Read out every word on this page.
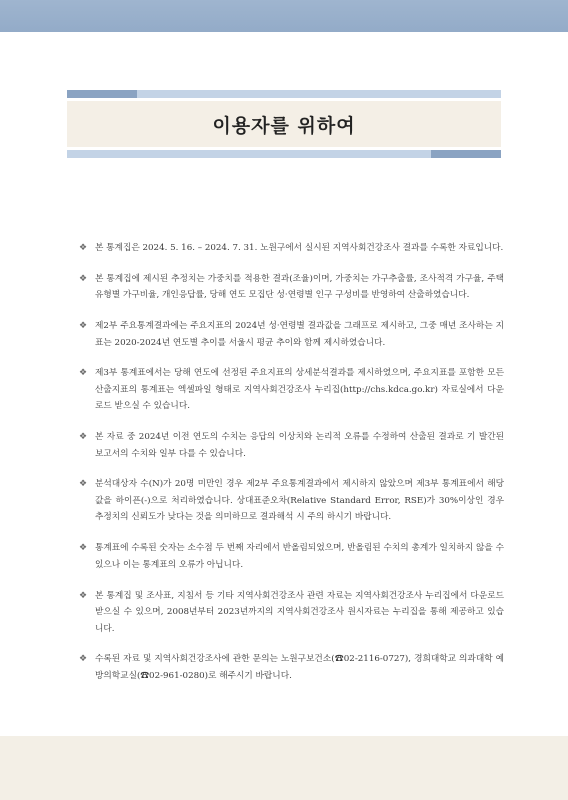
이용자를 위하여
❖ 본 통계집은 2024. 5. 16. – 2024. 7. 31. 노원구에서 실시된 지역사회건강조사 결과를 수록한 자료입니다.
❖ 본 통계집에 제시된 추정치는 가중치를 적용한 결과(조율)이며, 가중치는 가구추출률, 조사적격 가구율, 주택유형별 가구비율, 개인응답률, 당해 연도 모집단 성·연령별 인구 구성비를 반영하여 산출하였습니다.
❖ 제2부 주요통계결과에는 주요지표의 2024년 성·연령별 결과값을 그래프로 제시하고, 그중 매년 조사하는 지표는 2020-2024년 연도별 추이를 서울시 평균 추이와 함께 제시하였습니다.
❖ 제3부 통계표에서는 당해 연도에 선정된 주요지표의 상세분석결과를 제시하였으며, 주요지표를 포함한 모든 산출지표의 통계표는 엑셀파일 형태로 지역사회건강조사 누리집(http://chs.kdca.go.kr) 자료실에서 다운로드 받으실 수 있습니다.
❖ 본 자료 중 2024년 이전 연도의 수치는 응답의 이상치와 논리적 오류를 수정하여 산출된 결과로 기 발간된 보고서의 수치와 일부 다를 수 있습니다.
❖ 분석대상자 수(N)가 20명 미만인 경우 제2부 주요통계결과에서 제시하지 않았으며 제3부 통계표에서 해당 값을 하이픈(-)으로 처리하였습니다. 상대표준오차(Relative Standard Error, RSE)가 30%이상인 경우 추정치의 신뢰도가 낮다는 것을 의미하므로 결과해석 시 주의 하시기 바랍니다.
❖ 통계표에 수록된 숫자는 소수점 두 번째 자리에서 반올림되었으며, 반올림된 수치의 총계가 일치하지 않을 수 있으나 이는 통계표의 오류가 아닙니다.
❖ 본 통계집 및 조사표, 지침서 등 기타 지역사회건강조사 관련 자료는 지역사회건강조사 누리집에서 다운로드 받으실 수 있으며, 2008년부터 2023년까지의 지역사회건강조사 원시자료는 누리집을 통해 제공하고 있습니다.
❖ 수록된 자료 및 지역사회건강조사에 관한 문의는 노원구보건소(☎02-2116-0727), 경희대학교 의과대학 예방의학교실(☎02-961-0280)로 해주시기 바랍니다.
